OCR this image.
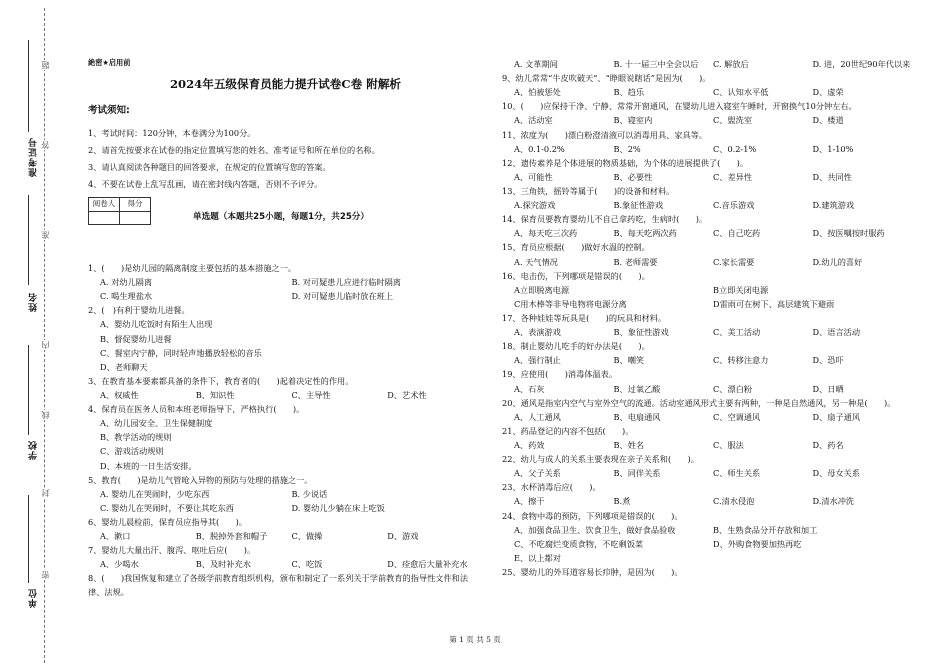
准考证号
姓名
学校
单位
题
答
准
内
线
封
密
絶密★启用前
2024年五级保育员能力提升试卷C卷 附解析
考试须知:
1、考试时间：120分钟，本卷满分为100分。
2、请首先按要求在试卷的指定位置填写您的姓名、准考证号和所在单位的名称。
3、请认真阅读各种题目的回答要求，在规定的位置填写您的答案。
4、不要在试卷上乱写乱画，请在密封线内答题，否则不予评分。
阅卷人	得分

单选题（本题共25小题，每题1分，共25分）
1、(　　)是幼儿园的隔离制度主要包括的基本措施之一。
A. 对幼儿隔离	B. 对可疑患儿应进行临时隔离
C. 喝生理盐水	D. 对可疑患儿临时放在班上
2、(　)有利于婴幼儿进餐。
A、婴幼儿吃饭时有陌生人出现
B、督促婴幼儿进餐
C、餐室内宁静，同时轻声地播放轻松的音乐
D、老师聊天
3、在教育基本要素都具备的条件下，教育者的(　　)起着决定性的作用。
A、权威性	B、知识性	C、主导性	D、艺术性
4、保育员在医务人员和本班老师指导下，严格执行(　　)。
A、幼儿园安全、卫生保健制度
B、教学活动的规则
C、游戏活动规则
D、本班的一日生活安排。
5、教育(　　)是幼儿气管呛入异物的预防与处理的措施之一。
A. 婴幼儿在哭闹时，少吃东西	B. 少说话
C. 婴幼儿在哭闹时，不要让其吃东西	D. 婴幼儿少躺在床上吃饭
6、婴幼儿晨检前，保育员应指导其(　　)。
A、漱口	B、脱掉外套和帽子	C、做操	D、游戏
7、婴幼儿大量出汗、腹泻、呕吐后应(　　)。
A、少喝水	B、及时补充水	C、吃饭	D、痊愈后大量补充水
8、(　　)我国恢复和建立了各级学前教育组织机构，颁布和制定了一系列关于学前教育的指导性文件和法律、法规。
A. 文革期间	B. 十一届三中全会以后	C. 解放后	D. 进，20世纪90年代以来
9、幼儿常常“牛皮吹破天”、“睁眼说瞎话”是因为(　　)。
A、怕被惩处	B、趋乐	C、认知水平低	D、虚荣
10、(　　)应保持干净、宁静、常常开窗通风，在婴幼儿进入寝室午睡时，开窗换气10分钟左右。
A、活动室	B、寝室内	C、盥洗室	D、楼道
11、浓度为(　　)漂白粉澄清液可以消毒用具、家具等。
A、0.1-0.2%	B、2%	C、0.2-1%	D、1-10%
12、遗传素养是个体进展的物质基础，为个体的进展提供了(　　)。
A、可能性	B、必要性	C、差异性	D、共同性
13、三角铁，摇铃等属于(　　)的设备和材料。
A.探究游戏	B.象征性游戏	C.音乐游戏	D.建筑游戏
14、保育员要教育婴幼儿不自己拿药吃，生病时(　　)。
A、每天吃三次药	B、每天吃两次药	C、自己吃药	D、按医嘱按时服药
15、育员应根据(　　)做好水温的控制。
A. 天气情况	B. 老师需要	C.家长需要	D.幼儿的喜好
16、电击伤，下列哪项是错误的(　　)。
A立即脱离电源	B立即关闭电源
C用木棒等非导电物将电源分离	D雷雨可在树下、高层建筑下避雨
17、各种娃娃等玩具是(　　)的玩具和材料。
A、表演游戏	B、象征性游戏	C、美工活动	D、语言活动
18、制止婴幼儿吃手的好办法是(　　)。
A、强行制止	B、嘲笑	C、转移注意力	D、恐吓
19、应使用(　　)消毒体温表。
A、石灰	B、过氧乙酸	C、漂白粉	D、日晒
20、通风是指室内空气与室外空气的流通。活动室通风形式主要有两种，一种是自然通风，另一种是(　　)。
A、人工通风	B、电扇通风	C、空调通风	D、扇子通风
21、药品登记的内容不包括(　　)。
A、药效	B、姓名	C、服法	D、药名
22、幼儿与成人的关系主要表现在亲子关系和(　　)。
A、父子关系	B、同伴关系	C、师生关系	D、母女关系
23、水杯消毒后应(　　)。
A、擦干	B.煮	C.清水侵泡	D.清水冲洗
24、食物中毒的预防，下列哪项是错误的(　　)。
A、加强食品卫生、饮食卫生，做好食品验收	B、生熟食品分开存放和加工
C、不吃腐烂变质食物，不吃剩饭菜	D、外购食物要加热再吃
E、以上都对
25、婴幼儿的外耳道容易长疖肿，是因为(　　)。
第 1 页 共 5 页
